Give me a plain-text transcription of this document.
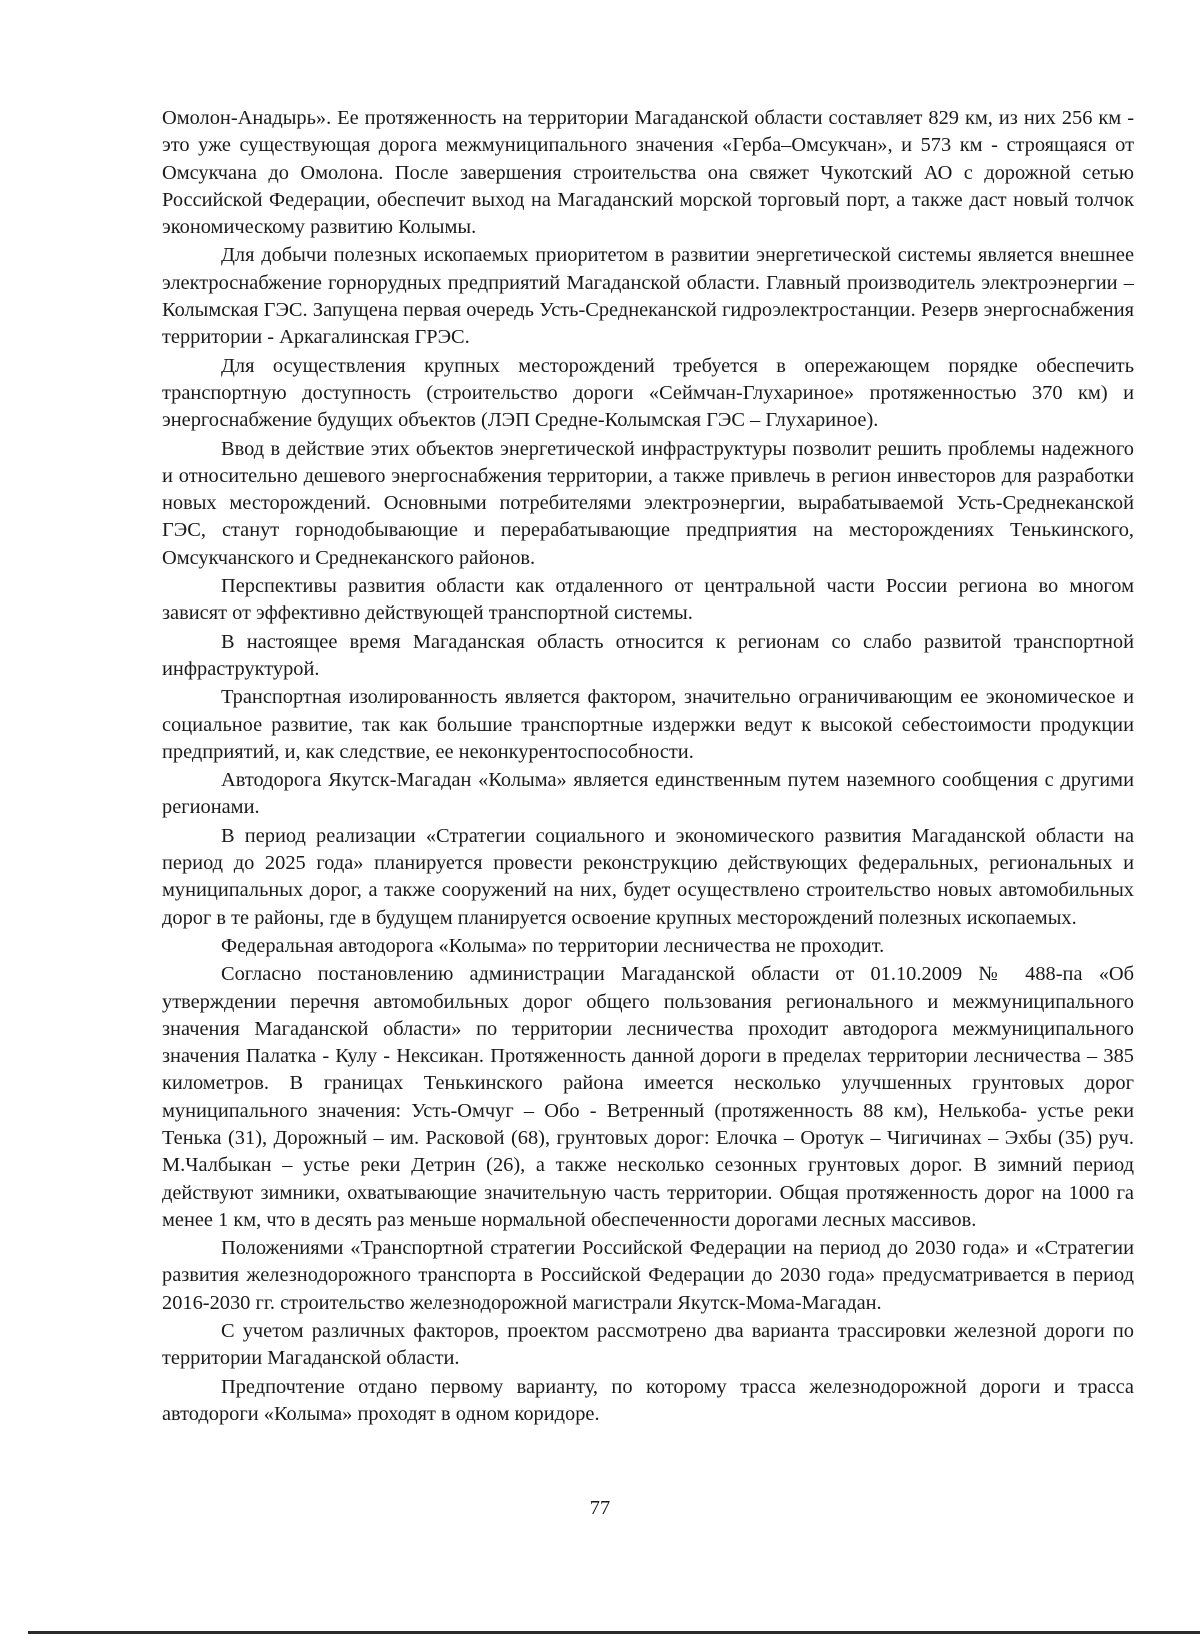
Омолон-Анадырь». Ее протяженность на территории Магаданской области составляет 829 км, из них 256 км - это уже существующая дорога межмуниципального значения «Герба–Омсукчан», и 573 км - строящаяся от Омсукчана до Омолона. После завершения строительства она свяжет Чукотский АО с дорожной сетью Российской Федерации, обеспечит выход на Магаданский морской торговый порт, а также даст новый толчок экономическому развитию Колымы.

Для добычи полезных ископаемых приоритетом в развитии энергетической системы является внешнее электроснабжение горнорудных предприятий Магаданской области. Главный производитель электроэнергии – Колымская ГЭС. Запущена первая очередь Усть-Среднеканской гидроэлектростанции. Резерв энергоснабжения территории - Аркагалинская ГРЭС.

Для осуществления крупных месторождений требуется в опережающем порядке обеспечить транспортную доступность (строительство дороги «Сеймчан-Глухариное» протяженностью 370 км) и энергоснабжение будущих объектов (ЛЭП Средне-Колымская ГЭС – Глухариное).

Ввод в действие этих объектов энергетической инфраструктуры позволит решить проблемы надежного и относительно дешевого энергоснабжения территории, а также привлечь в регион инвесторов для разработки новых месторождений. Основными потребителями электроэнергии, вырабатываемой Усть-Среднеканской ГЭС, станут горнодобывающие и перерабатывающие предприятия на месторождениях Тенькинского, Омсукчанского и Среднеканского районов.

Перспективы развития области как отдаленного от центральной части России региона во многом зависят от эффективно действующей транспортной системы.

В настоящее время Магаданская область относится к регионам со слабо развитой транспортной инфраструктурой.

Транспортная изолированность является фактором, значительно ограничивающим ее экономическое и социальное развитие, так как большие транспортные издержки ведут к высокой себестоимости продукции предприятий, и, как следствие, ее неконкурентоспособности.

Автодорога Якутск-Магадан «Колыма» является единственным путем наземного сообщения с другими регионами.

В период реализации «Стратегии социального и экономического развития Магаданской области на период до 2025 года» планируется провести реконструкцию действующих федеральных, региональных и муниципальных дорог, а также сооружений на них, будет осуществлено строительство новых автомобильных дорог в те районы, где в будущем планируется освоение крупных месторождений полезных ископаемых.

Федеральная автодорога «Колыма» по территории лесничества не проходит.

Согласно постановлению администрации Магаданской области от 01.10.2009 № 488-па «Об утверждении перечня автомобильных дорог общего пользования регионального и межмуниципального значения Магаданской области» по территории лесничества проходит автодорога межмуниципального значения Палатка - Кулу - Нексикан. Протяженность данной дороги в пределах территории лесничества – 385 километров. В границах Тенькинского района имеется несколько улучшенных грунтовых дорог муниципального значения: Усть-Омчуг – Обо - Ветренный (протяженность 88 км), Нелькоба- устье реки Тенька (31), Дорожный – им. Расковой (68), грунтовых дорог: Елочка – Оротук – Чигичинах – Эхбы (35) руч. М.Чалбыкан – устье реки Детрин (26), а также несколько сезонных грунтовых дорог. В зимний период действуют зимники, охватывающие значительную часть территории. Общая протяженность дорог на 1000 га менее 1 км, что в десять раз меньше нормальной обеспеченности дорогами лесных массивов.

Положениями «Транспортной стратегии Российской Федерации на период до 2030 года» и «Стратегии развития железнодорожного транспорта в Российской Федерации до 2030 года» предусматривается в период 2016-2030 гг. строительство железнодорожной магистрали Якутск-Мома-Магадан.

С учетом различных факторов, проектом рассмотрено два варианта трассировки железной дороги по территории Магаданской области.

Предпочтение отдано первому варианту, по которому трасса железнодорожной дороги и трасса автодороги «Колыма» проходят в одном коридоре.

77
